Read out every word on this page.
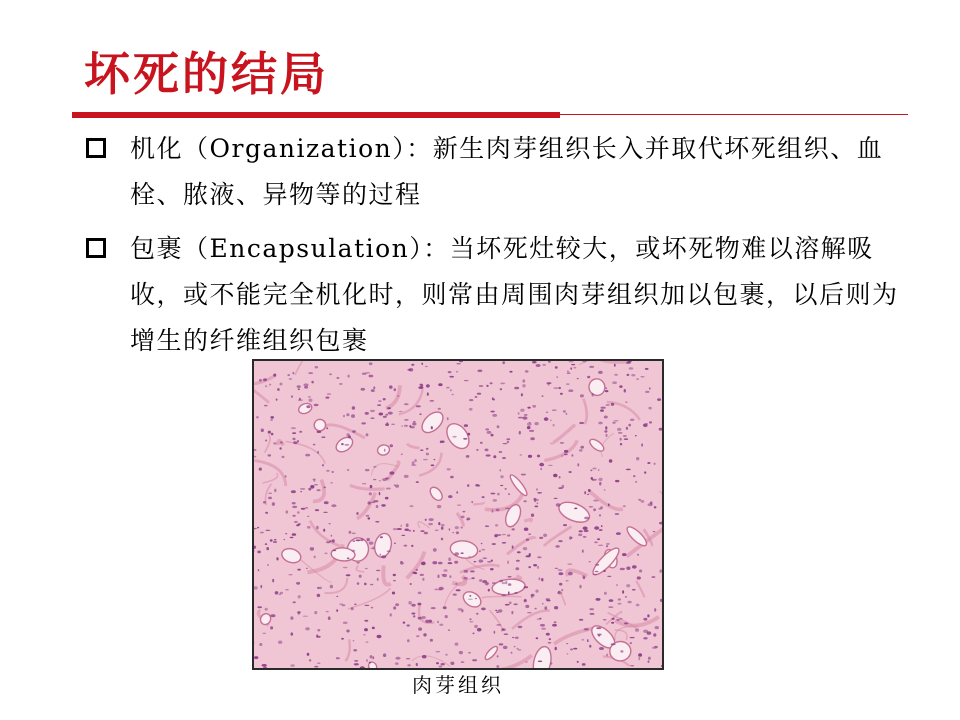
坏死的结局
机化（Organization）：新生肉芽组织长入并取代坏死组织、血栓、脓液、异物等的过程
包裹（Encapsulation）：当坏死灶较大，或坏死物难以溶解吸收，或不能完全机化时，则常由周围肉芽组织加以包裹，以后则为增生的纤维组织包裹
肉芽组织
